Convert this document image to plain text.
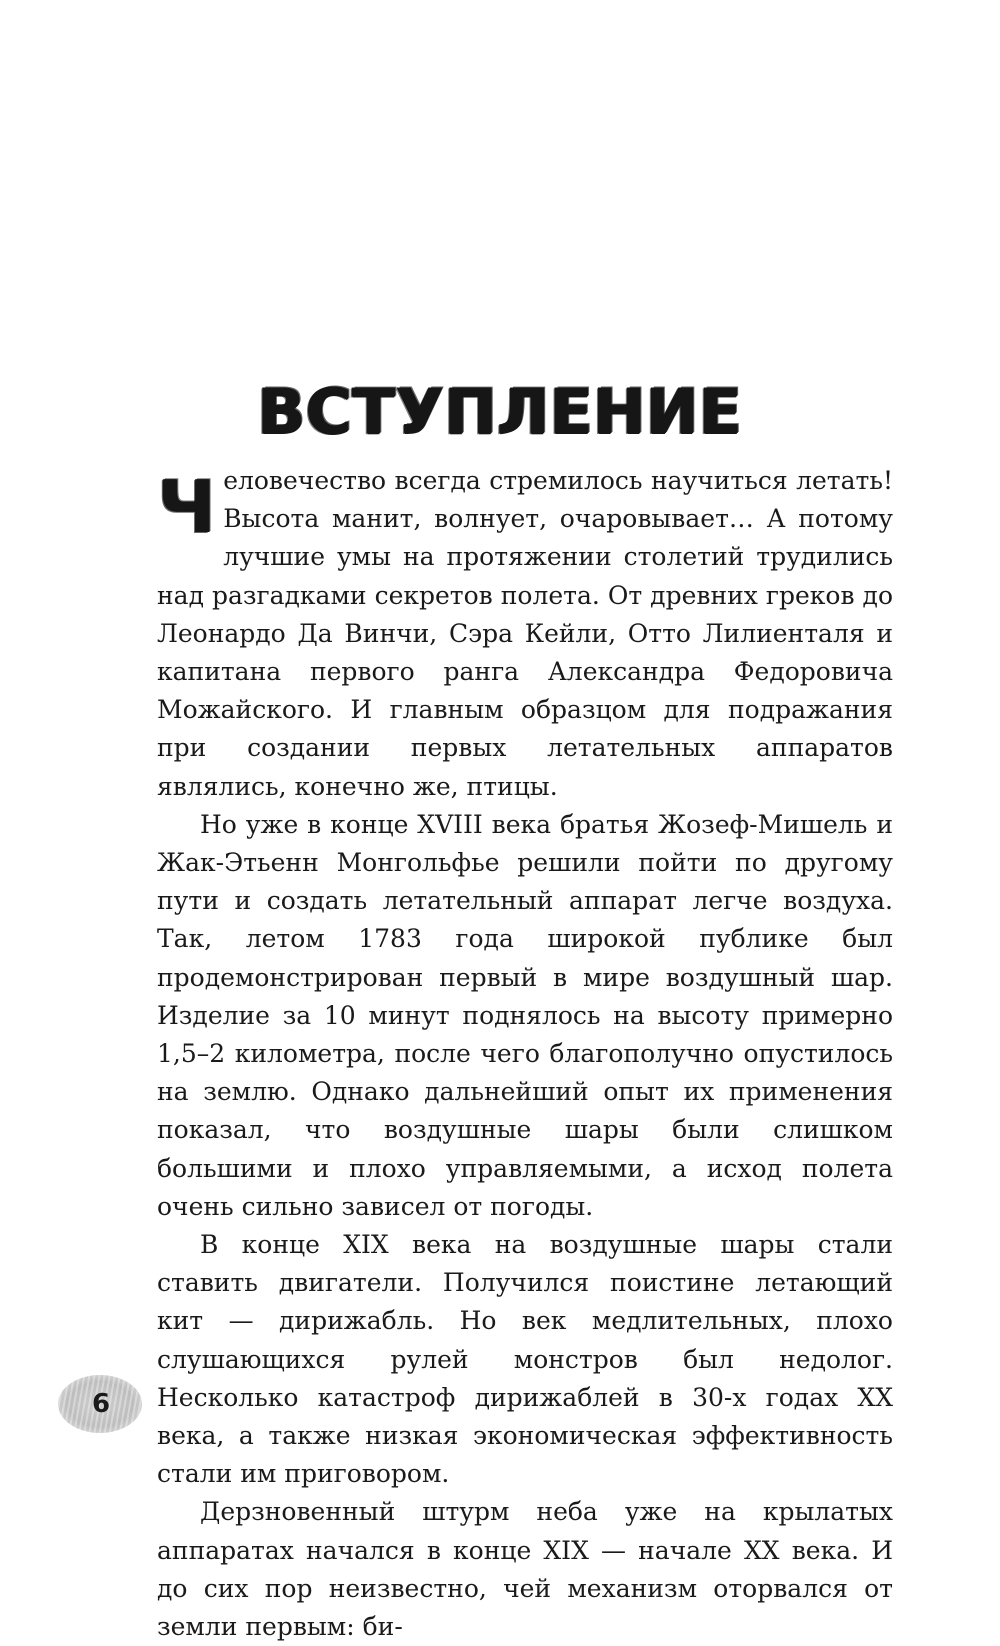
ВСТУПЛЕНИЕ

Человечество всегда стремилось научиться летать! Высота манит, волнует, очаровывает… А потому лучшие умы на протяжении столетий трудились над разгадками секретов полета. От древних греков до Леонардо Да Винчи, Сэра Кейли, Отто Лилиенталя и капитана первого ранга Александра Федоровича Можайского. И главным образцом для подражания при создании первых летательных аппаратов являлись, конечно же, птицы.

Но уже в конце XVIII века братья Жозеф-Мишель и Жак-Этьенн Монгольфье решили пойти по другому пути и создать летательный аппарат легче воздуха. Так, летом 1783 года широкой публике был продемонстрирован первый в мире воздушный шар. Изделие за 10 минут поднялось на высоту примерно 1,5–2 километра, после чего благополучно опустилось на землю. Однако дальнейший опыт их применения показал, что воздушные шары были слишком большими и плохо управляемыми, а исход полета очень сильно зависел от погоды.

В конце XIX века на воздушные шары стали ставить двигатели. Получился поистине летающий кит — дирижабль. Но век медлительных, плохо слушающихся рулей монстров был недолог. Несколько катастроф дирижаблей в 30-х годах XX века, а также низкая экономическая эффективность стали им приговором.

Дерзновенный штурм неба уже на крылатых аппаратах начался в конце XIX — начале XX века. И до сих пор неизвестно, чей механизм оторвался от земли первым: би-

6
